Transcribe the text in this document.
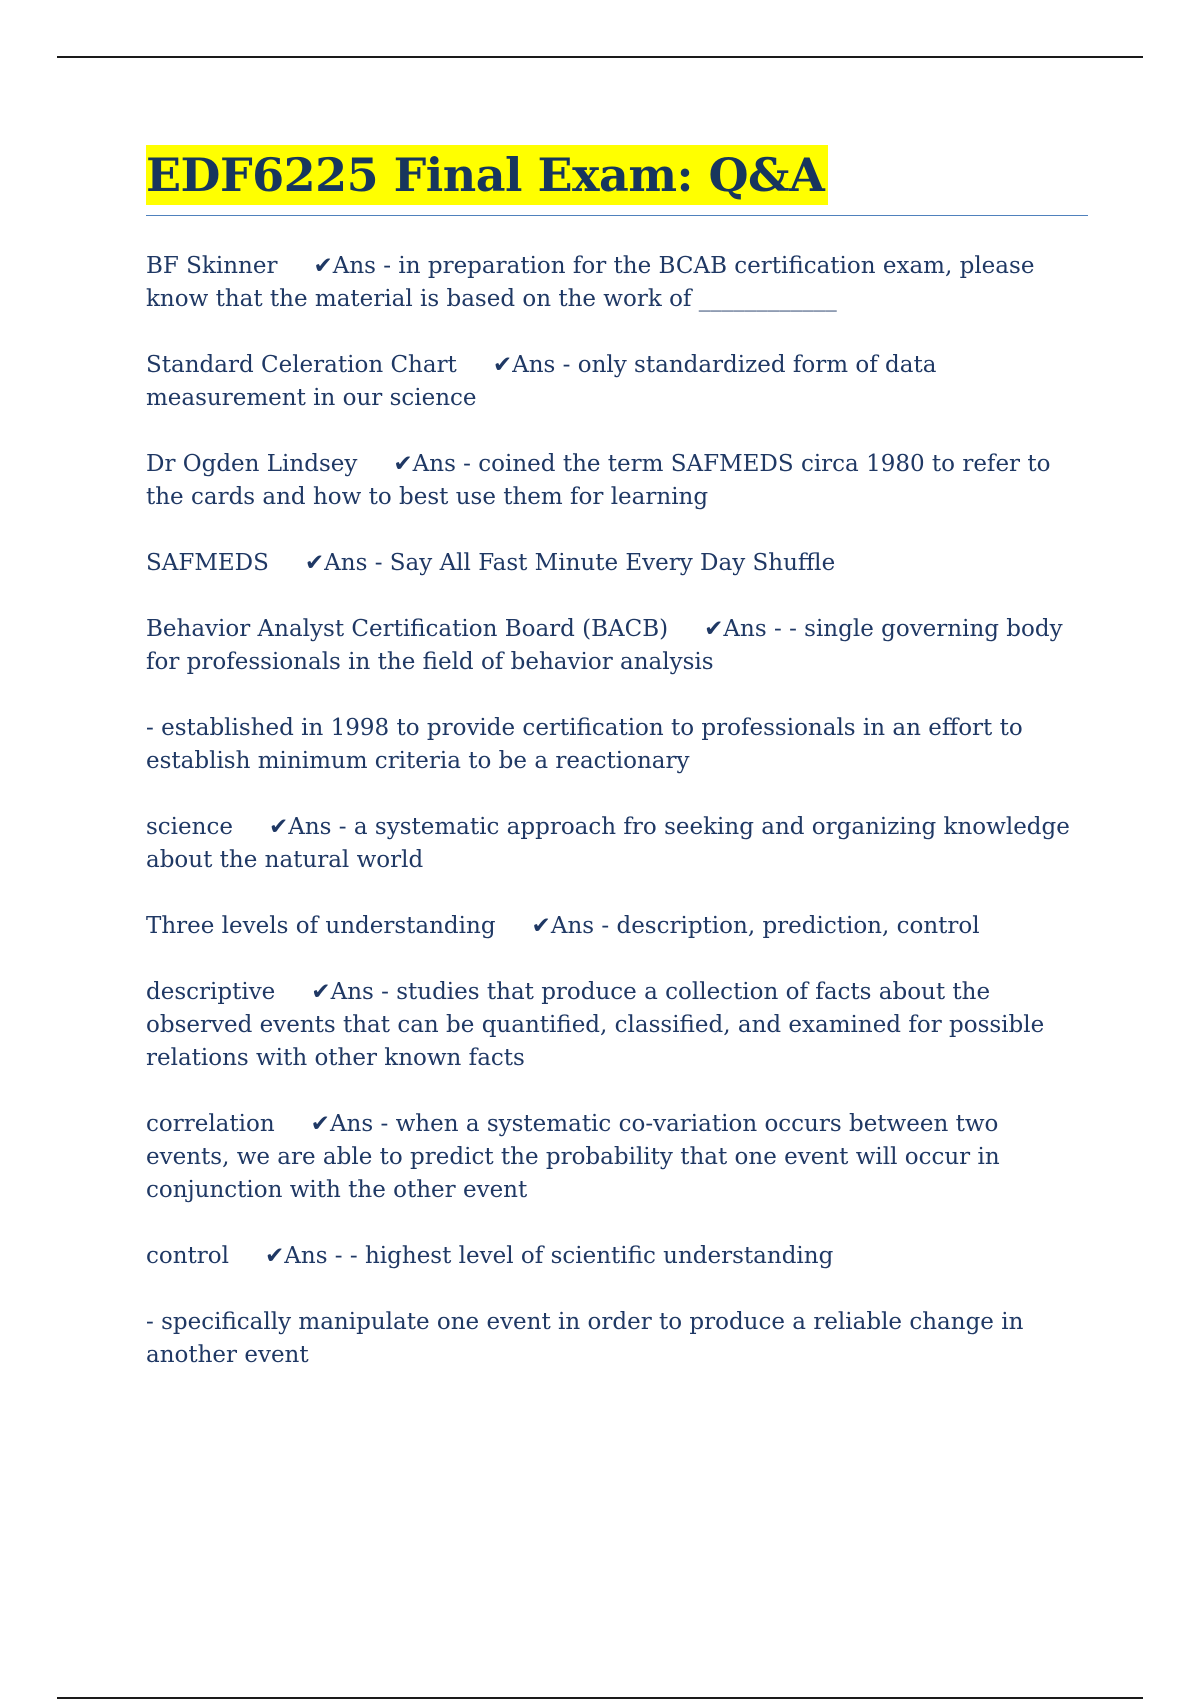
EDF6225 Final Exam: Q&A

BF Skinner ✔Ans - in preparation for the BCAB certification exam, please know that the material is based on the work of ____________

Standard Celeration Chart ✔Ans - only standardized form of data measurement in our science

Dr Ogden Lindsey ✔Ans - coined the term SAFMEDS circa 1980 to refer to the cards and how to best use them for learning

SAFMEDS ✔Ans - Say All Fast Minute Every Day Shuffle

Behavior Analyst Certification Board (BACB) ✔Ans - - single governing body for professionals in the field of behavior analysis

- established in 1998 to provide certification to professionals in an effort to establish minimum criteria to be a reactionary

science ✔Ans - a systematic approach fro seeking and organizing knowledge about the natural world

Three levels of understanding ✔Ans - description, prediction, control

descriptive ✔Ans - studies that produce a collection of facts about the observed events that can be quantified, classified, and examined for possible relations with other known facts

correlation ✔Ans - when a systematic co-variation occurs between two events, we are able to predict the probability that one event will occur in conjunction with the other event

control ✔Ans - - highest level of scientific understanding

- specifically manipulate one event in order to produce a reliable change in another event
